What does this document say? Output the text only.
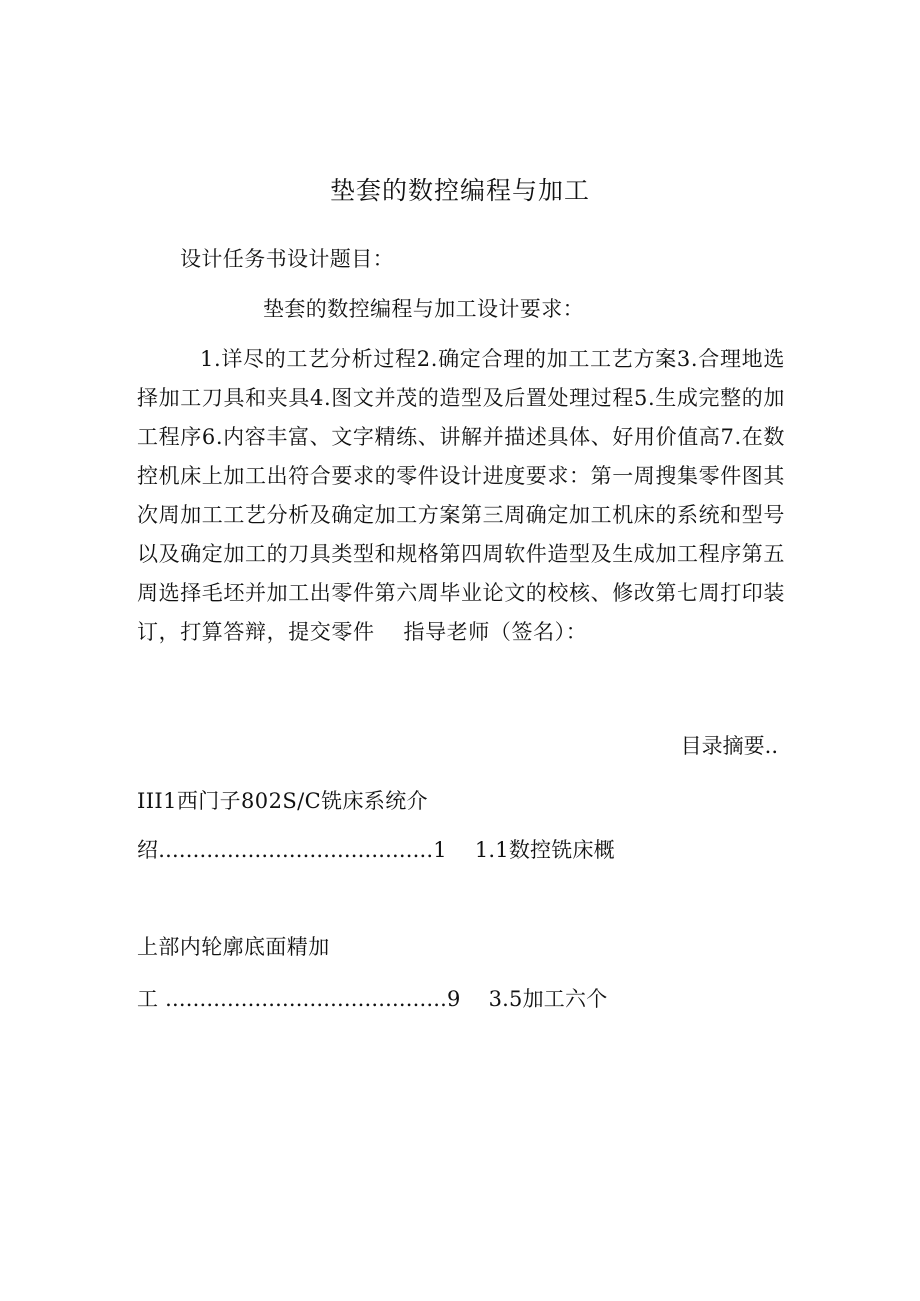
垫套的数控编程与加工
设计任务书设计题目：
垫套的数控编程与加工设计要求：
1.详尽的工艺分析过程2.确定合理的加工工艺方案3.合理地选择加工刀具和夹具4.图文并茂的造型及后置处理过程5.生成完整的加工程序6.内容丰富、文字精练、讲解并描述具体、好用价值高7.在数控机床上加工出符合要求的零件设计进度要求：第一周搜集零件图其次周加工工艺分析及确定加工方案第三周确定加工机床的系统和型号以及确定加工的刀具类型和规格第四周软件造型及生成加工程序第五周选择毛坯并加工出零件第六周毕业论文的校核、修改第七周打印装订，打算答辩，提交零件　 指导老师（签名）：
目录摘要..
III1西门子802S/C铣床系统介
绍........................................1　 1.1数控铣床概
上部内轮廓底面精加
工 .........................................9　 3.5加工六个
